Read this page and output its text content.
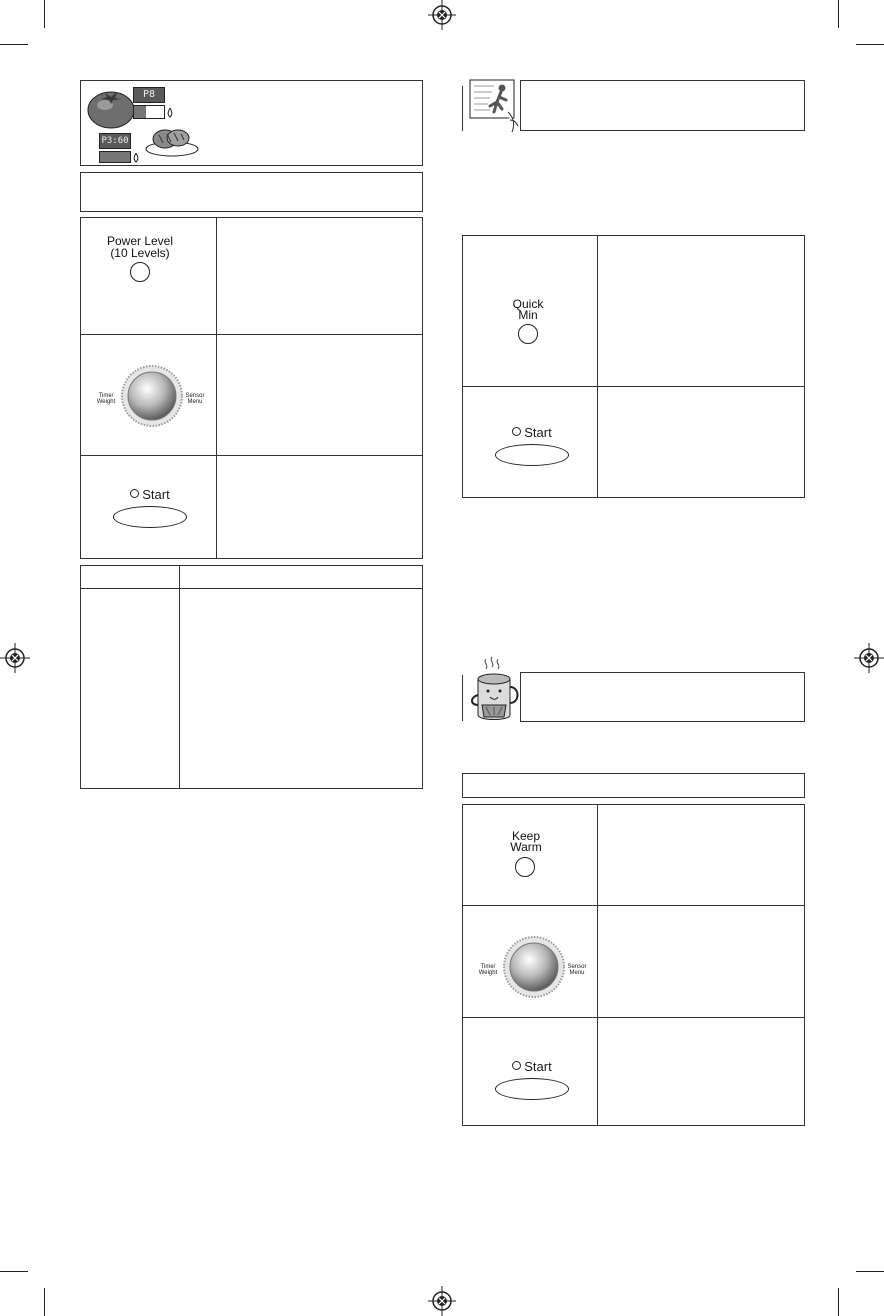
P8
P3:60
Power Level
(10 Levels)
Time/ Weight
Sensor Menu
Start
Quick
Min
Start
Keep
Warm
Time/ Weight
Sensor Menu
Start
